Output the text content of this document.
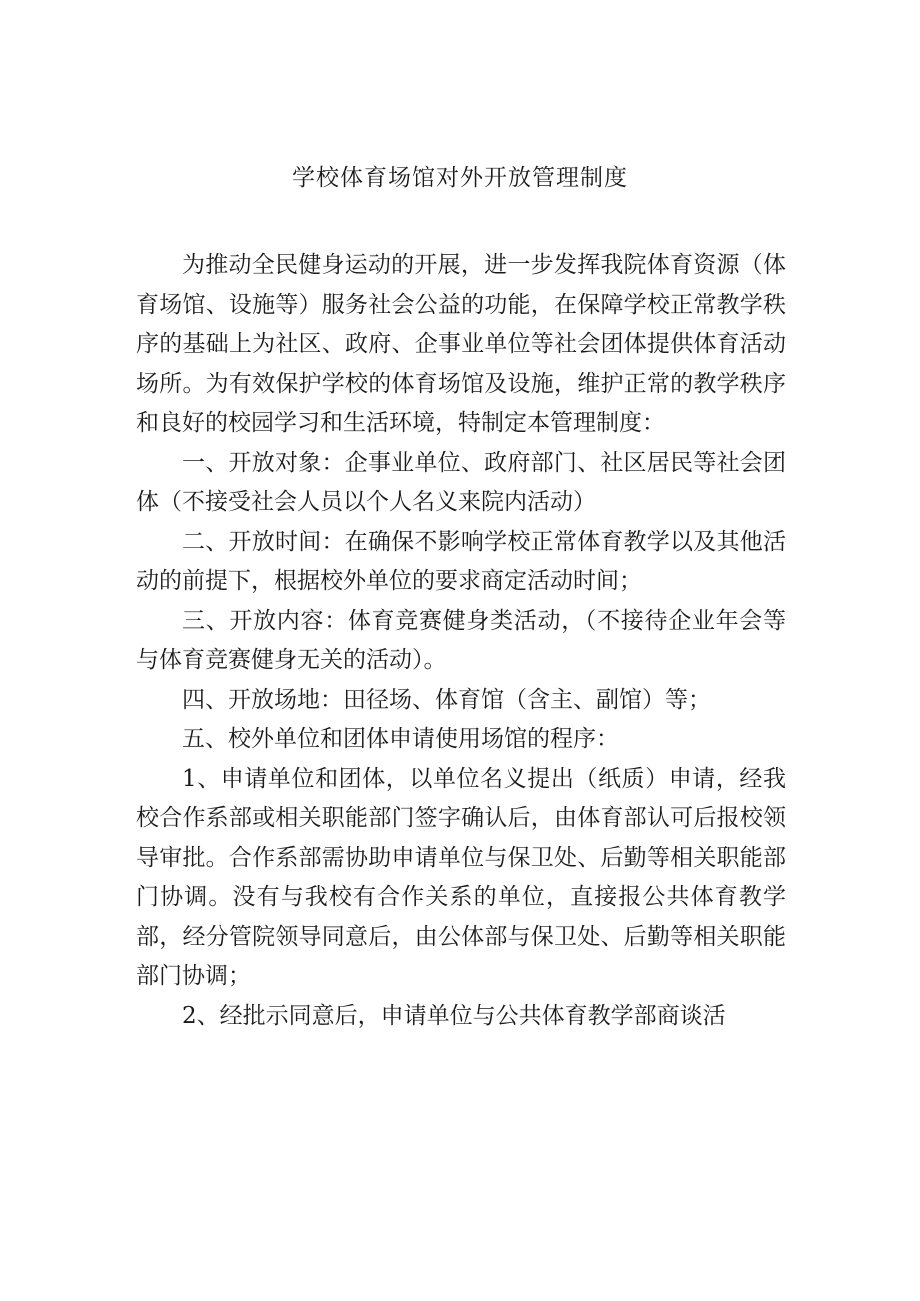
学校体育场馆对外开放管理制度

为推动全民健身运动的开展，进一步发挥我院体育资源（体育场馆、设施等）服务社会公益的功能，在保障学校正常教学秩序的基础上为社区、政府、企事业单位等社会团体提供体育活动场所。为有效保护学校的体育场馆及设施，维护正常的教学秩序和良好的校园学习和生活环境，特制定本管理制度：

一、开放对象：企事业单位、政府部门、社区居民等社会团体（不接受社会人员以个人名义来院内活动）

二、开放时间：在确保不影响学校正常体育教学以及其他活动的前提下，根据校外单位的要求商定活动时间；

三、开放内容：体育竞赛健身类活动，（不接待企业年会等与体育竞赛健身无关的活动）。

四、开放场地：田径场、体育馆（含主、副馆）等；

五、校外单位和团体申请使用场馆的程序：

1、申请单位和团体，以单位名义提出（纸质）申请，经我校合作系部或相关职能部门签字确认后，由体育部认可后报校领导审批。合作系部需协助申请单位与保卫处、后勤等相关职能部门协调。没有与我校有合作关系的单位，直接报公共体育教学部，经分管院领导同意后，由公体部与保卫处、后勤等相关职能部门协调；

2、经批示同意后，申请单位与公共体育教学部商谈活
